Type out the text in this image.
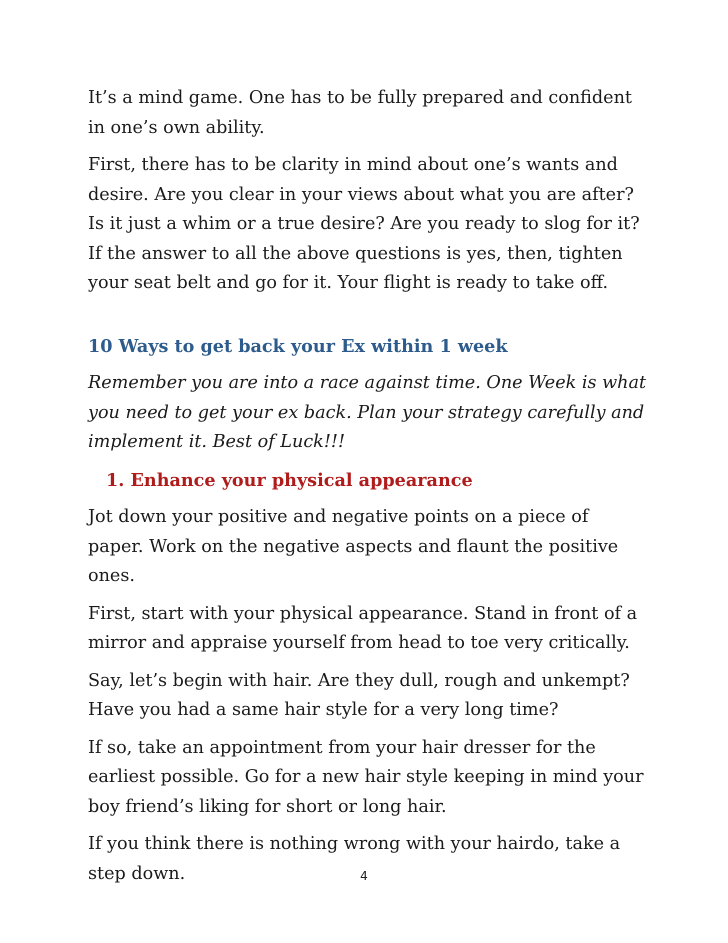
It’s a mind game. One has to be fully prepared and confident in one’s own ability.

First, there has to be clarity in mind about one’s wants and desire. Are you clear in your views about what you are after? Is it just a whim or a true desire? Are you ready to slog for it? If the answer to all the above questions is yes, then, tighten your seat belt and go for it. Your flight is ready to take off.

10 Ways to get back your Ex within 1 week

Remember you are into a race against time. One Week is what you need to get your ex back. Plan your strategy carefully and implement it. Best of Luck!!!

1. Enhance your physical appearance

Jot down your positive and negative points on a piece of paper. Work on the negative aspects and flaunt the positive ones.

First, start with your physical appearance. Stand in front of a mirror and appraise yourself from head to toe very critically.

Say, let’s begin with hair. Are they dull, rough and unkempt? Have you had a same hair style for a very long time?

If so, take an appointment from your hair dresser for the earliest possible. Go for a new hair style keeping in mind your boy friend’s liking for short or long hair.

If you think there is nothing wrong with your hairdo, take a step down.	4
